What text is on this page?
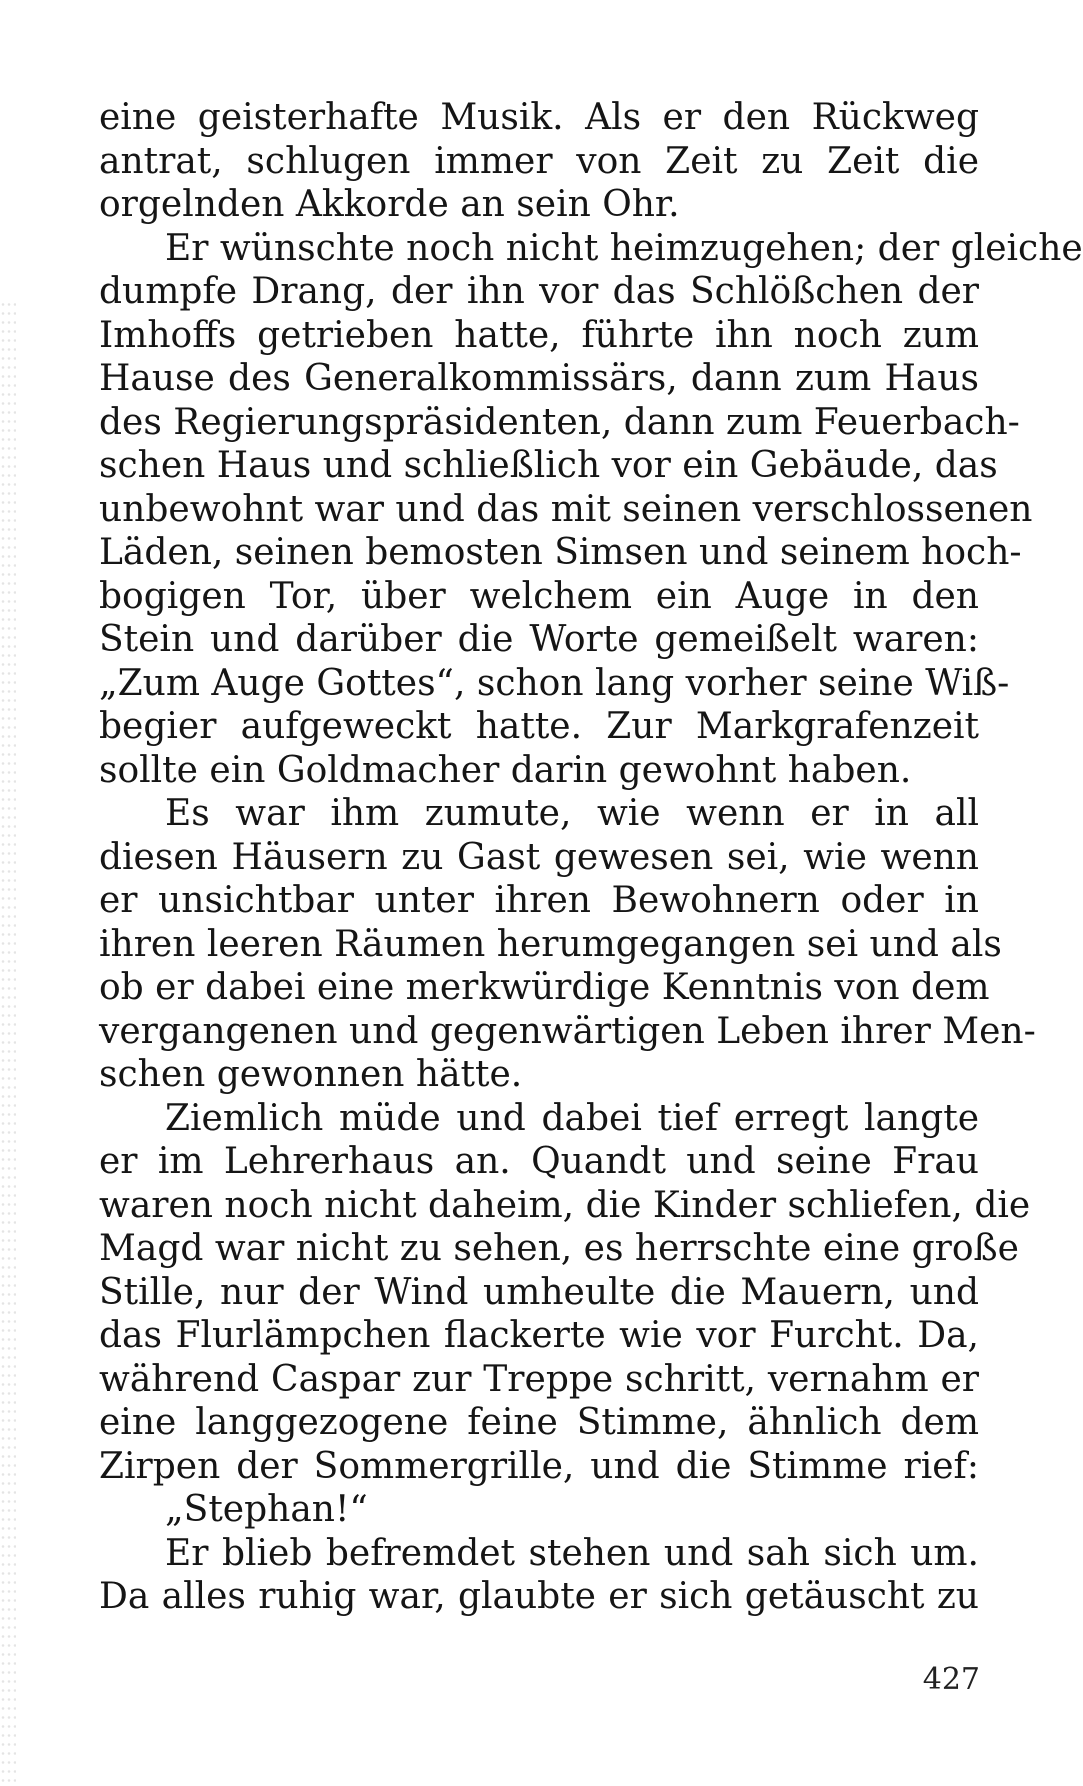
eine geisterhafte Musik. Als er den Rückweg
antrat, schlugen immer von Zeit zu Zeit die
orgelnden Akkorde an sein Ohr.
Er wünschte noch nicht heimzugehen; der gleiche
dumpfe Drang, der ihn vor das Schlößchen der
Imhoffs getrieben hatte, führte ihn noch zum
Hause des Generalkommissärs, dann zum Haus
des Regierungspräsidenten, dann zum Feuerbach-
schen Haus und schließlich vor ein Gebäude, das
unbewohnt war und das mit seinen verschlossenen
Läden, seinen bemosten Simsen und seinem hoch-
bogigen Tor, über welchem ein Auge in den
Stein und darüber die Worte gemeißelt waren:
„Zum Auge Gottes“, schon lang vorher seine Wiß-
begier aufgeweckt hatte. Zur Markgrafenzeit
sollte ein Goldmacher darin gewohnt haben.
Es war ihm zumute, wie wenn er in all
diesen Häusern zu Gast gewesen sei, wie wenn
er unsichtbar unter ihren Bewohnern oder in
ihren leeren Räumen herumgegangen sei und als
ob er dabei eine merkwürdige Kenntnis von dem
vergangenen und gegenwärtigen Leben ihrer Men-
schen gewonnen hätte.
Ziemlich müde und dabei tief erregt langte
er im Lehrerhaus an. Quandt und seine Frau
waren noch nicht daheim, die Kinder schliefen, die
Magd war nicht zu sehen, es herrschte eine große
Stille, nur der Wind umheulte die Mauern, und
das Flurlämpchen flackerte wie vor Furcht. Da,
während Caspar zur Treppe schritt, vernahm er
eine langgezogene feine Stimme, ähnlich dem
Zirpen der Sommergrille, und die Stimme rief:
„Stephan!“
Er blieb befremdet stehen und sah sich um.
Da alles ruhig war, glaubte er sich getäuscht zu
427
